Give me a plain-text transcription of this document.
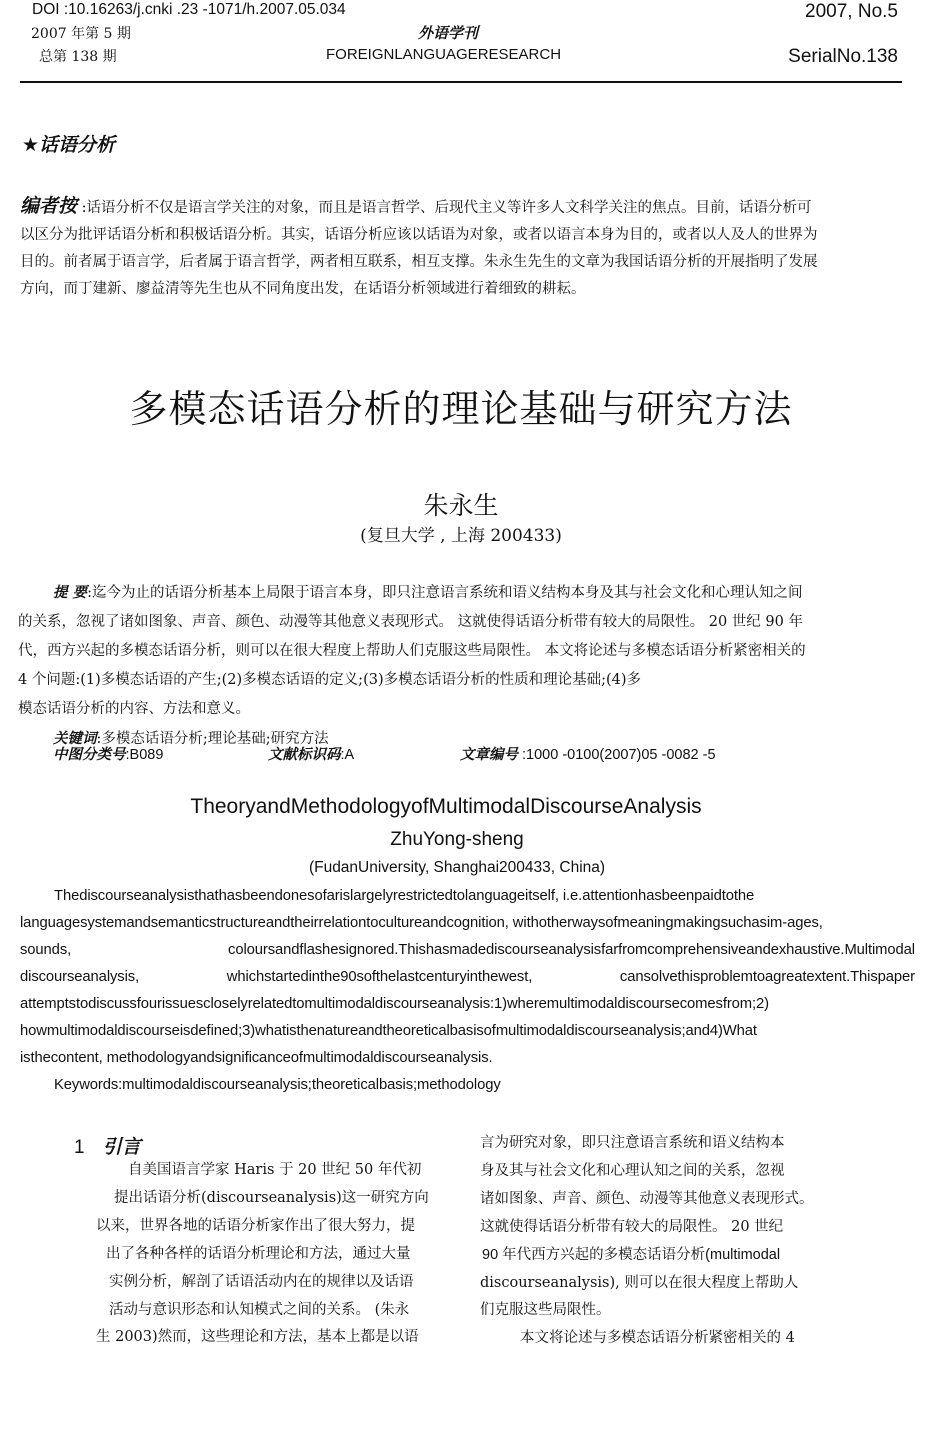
DOI :10.16263/j.cnki .23 -1071/h.2007.05.034
2007 年第 5 期
总第 138 期
外语学刊
FOREIGNLANGUAGERESEARCH
2007, No.5
SerialNo.138
★话语分析
编者按 :话语分析不仅是语言学关注的对象，而且是语言哲学、后现代主义等许多人文科学关注的焦点。目前，话语分析可
以区分为批评话语分析和积极话语分析。其实，话语分析应该以话语为对象，或者以语言本身为目的，或者以人及人的世界为
目的。前者属于语言学，后者属于语言哲学，两者相互联系，相互支撑。朱永生先生的文章为我国话语分析的开展指明了发展
方向，而丁建新、廖益清等先生也从不同角度出发，在话语分析领域进行着细致的耕耘。
多模态话语分析的理论基础与研究方法
朱永生
(复旦大学 , 上海 200433)
提 要:迄今为止的话语分析基本上局限于语言本身，即只注意语言系统和语义结构本身及其与社会文化和心理认知之间
的关系，忽视了诸如图象、声音、颜色、动漫等其他意义表现形式。 这就使得话语分析带有较大的局限性。 20 世纪 90 年
代，西方兴起的多模态话语分析，则可以在很大程度上帮助人们克服这些局限性。 本文将论述与多模态话语分析紧密相关的
4 个问题:(1)多模态话语的产生;(2)多模态话语的定义;(3)多模态话语分析的性质和理论基础;(4)多
模态话语分析的内容、方法和意义。
关键词:多模态话语分析;理论基础;研究方法
中图分类号:B089	文献标识码:A	文章编号 :1000 -0100(2007)05 -0082 -5
TheoryandMethodologyofMultimodalDiscourseAnalysis
ZhuYong-sheng
(FudanUniversity, Shanghai200433, China)
Thediscourseanalysisthathasbeendonesofarislargelyrestrictedtolanguageitself, i.e.attentionhasbeenpaidtothe
languagesystemandsemanticstructureandtheirrelationtocultureandcognition, withotherwaysofmeaningmakingsuchasim-ages,
sounds,	coloursandflashesignored.Thishasmadediscourseanalysisfarfromcomprehensiveandexhaustive.Multimodal
discourseanalysis,	whichstartedinthe90softhelastcenturyinthewest,	cansolvethisproblemtoagreatextent.Thispaper
attemptstodiscussfourissuescloselyrelatedtomultimodaldiscourseanalysis:1)wheremultimodaldiscoursecomesfrom;2)
howmultimodaldiscourseisdefined;3)whatisthenatureandtheoreticalbasisofmultimodaldiscourseanalysis;and4)What
isthecontent, methodologyandsignificanceofmultimodaldiscourseanalysis.
Keywords:multimodaldiscourseanalysis;theoreticalbasis;methodology
1 引言
自美国语言学家 Haris 于 20 世纪 50 年代初
提出话语分析(discourseanalysis)这一研究方向
以来，世界各地的话语分析家作出了很大努力，提
出了各种各样的话语分析理论和方法，通过大量
实例分析，解剖了话语活动内在的规律以及话语
活动与意识形态和认知模式之间的关系。 (朱永
生 2003)然而，这些理论和方法，基本上都是以语
言为研究对象，即只注意语言系统和语义结构本
身及其与社会文化和心理认知之间的关系，忽视
诸如图象、声音、颜色、动漫等其他意义表现形式。
这就使得话语分析带有较大的局限性。 20 世纪
90 年代西方兴起的多模态话语分析(multimodal
discourseanalysis), 则可以在很大程度上帮助人
们克服这些局限性。
本文将论述与多模态话语分析紧密相关的 4
